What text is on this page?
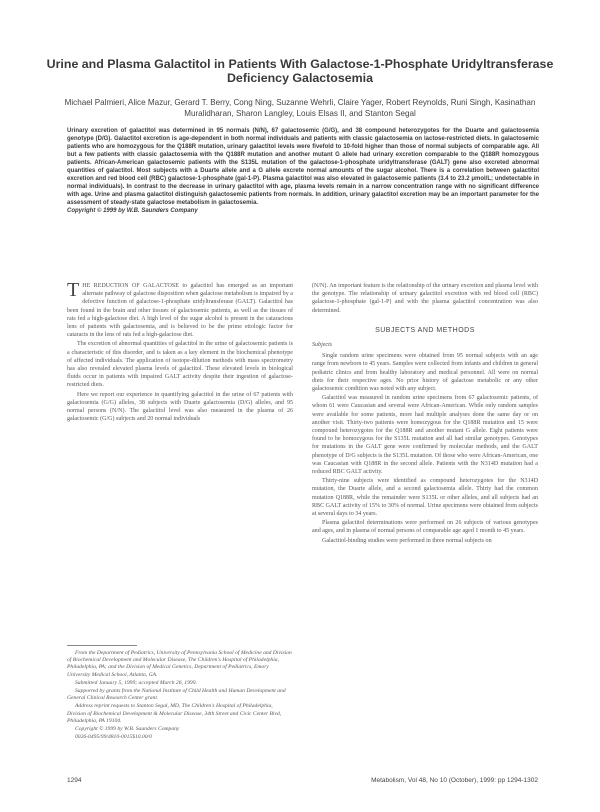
Urine and Plasma Galactitol in Patients With Galactose-1-Phosphate Uridyltransferase Deficiency Galactosemia
Michael Palmieri, Alice Mazur, Gerard T. Berry, Cong Ning, Suzanne Wehrli, Claire Yager, Robert Reynolds, Runi Singh, Kasinathan Muralidharan, Sharon Langley, Louis Elsas II, and Stanton Segal
Urinary excretion of galactitol was determined in 95 normals (N/N), 67 galactosemic (G/G), and 38 compound heterozygotes for the Duarte and galactosemia genotype (D/G). Galactitol excretion is age-dependent in both normal individuals and patients with classic galactosemia on lactose-restricted diets. In galactosemic patients who are homozygous for the Q188R mutation, urinary galactitol levels were fivefold to 10-fold higher than those of normal subjects of comparable age. All but a few patients with classic galactosemia with the Q188R mutation and another mutant G allele had urinary excretion comparable to the Q188R homozygous patients. African-American galactosemic patients with the S135L mutation of the galactose-1-phosphate uridyltransferase (GALT) gene also excreted abnormal quantities of galactitol. Most subjects with a Duarte allele and a G allele excrete normal amounts of the sugar alcohol. There is a correlation between galactitol excretion and red blood cell (RBC) galactose-1-phosphate (gal-1-P). Plasma galactitol was also elevated in galactosemic patients (3.4 to 23.2 μmol/L; undetectable in normal individuals). In contrast to the decrease in urinary galactitol with age, plasma levels remain in a narrow concentration range with no significant difference with age. Urine and plasma galactitol distinguish galactosemic patients from normals. In addition, urinary galactitol excretion may be an important parameter for the assessment of steady-state galactose metabolism in galactosemia.
Copyright © 1999 by W.B. Saunders Company

THE REDUCTION OF GALACTOSE to galactitol has emerged as an important alternate pathway of galactose disposition when galactose metabolism is impaired by a defective function of galactose-1-phosphate uridyltransferase (GALT). Galactitol has been found in the brain and other tissues of galactosemic patients, as well as the tissues of rats fed a high-galactose diet. A high level of the sugar alcohol is present in the cataractous lens of patients with galactosemia, and is believed to be the prime etiologic factor for cataracts in the lens of rats fed a high-galactose diet.

The excretion of abnormal quantities of galactitol in the urine of galactosemic patients is a characteristic of this disorder, and is taken as a key element in the biochemical phenotype of affected individuals. The application of isotope-dilution methods with mass spectrometry has also revealed elevated plasma levels of galactitol. These elevated levels in biological fluids occur in patients with impaired GALT activity despite their ingestion of galactose-restricted diets.

Here we report our experience in quantifying galactitol in the urine of 67 patients with galactosemia (G/G) alleles, 38 subjects with Duarte galactosemia (D/G) alleles, and 95 normal persons (N/N). The galactitol level was also measured in the plasma of 26 galactosemic (G/G) subjects and 20 normal individuals

(N/N). An important feature is the relationship of the urinary excretion and plasma level with the genotype. The relationship of urinary galactitol excretion with red blood cell (RBC) galactose-1-phosphate (gal-1-P) and with the plasma galactitol concentration was also determined.

SUBJECTS AND METHODS
Subjects

Single random urine specimens were obtained from 95 normal subjects with an age range from newborn to 45 years. Samples were collected from infants and children in general pediatric clinics and from healthy laboratory and medical personnel. All were on normal diets for their respective ages. No prior history of galactose metabolic or any other galactosemic condition was noted with any subject.

Galactitol was measured in random urine specimens from 67 galactosemic patients, of whom 61 were Caucasian and several were African-American. While only random samples were available for some patients, more had multiple analyses done the same day or on another visit. Thirty-two patients were homozygous for the Q188R mutation and 15 were compound heterozygotes for the Q188R and another mutant G allele. Eight patients were found to be homozygous for the S135L mutation and all had similar genotypes. Genotypes for mutations in the GALT gene were confirmed by molecular methods, and the GALT phenotype of D/G subjects is the S135L mutation. Of those who were African-American, one was Caucasian with Q188R in the second allele. Patients with the N314D mutation had a reduced RBC GALT activity.

Thirty-nine subjects were identified as compound heterozygotes for the N314D mutation, the Duarte allele, and a second galactosemia allele. Thirty had the common mutation Q188R, while the remainder were S135L or other alleles, and all subjects had an RBC GALT activity of 15% to 30% of normal. Urine specimens were obtained from subjects at several days to 34 years.

Plasma galactitol determinations were performed on 26 subjects of various genotypes and ages, and in plasma of normal persons of comparable age aged 1 month to 45 years.

Galactitol-binding studies were performed in three normal subjects on

From the Department of Pediatrics, University of Pennsylvania School of Medicine and Division of Biochemical Development and Molecular Disease, The Children's Hospital of Philadelphia, Philadelphia, PA; and the Division of Medical Genetics, Department of Pediatrics, Emory University Medical School, Atlanta, GA.

Submitted January 5, 1999; accepted March 26, 1999.

Supported by grants from the National Institute of Child Health and Human Development and General Clinical Research Center grant.

Address reprint requests to Stanton Segal, MD, The Children's Hospital of Philadelphia, Division of Biochemical Development & Molecular Disease, 34th Street and Civic Center Blvd, Philadelphia, PA 19104.

Copyright © 1999 by W.B. Saunders Company

0026-0495/99/4810-0015$10.00/0

1294	Metabolism, Vol 48, No 10 (October), 1999: pp 1294-1302
